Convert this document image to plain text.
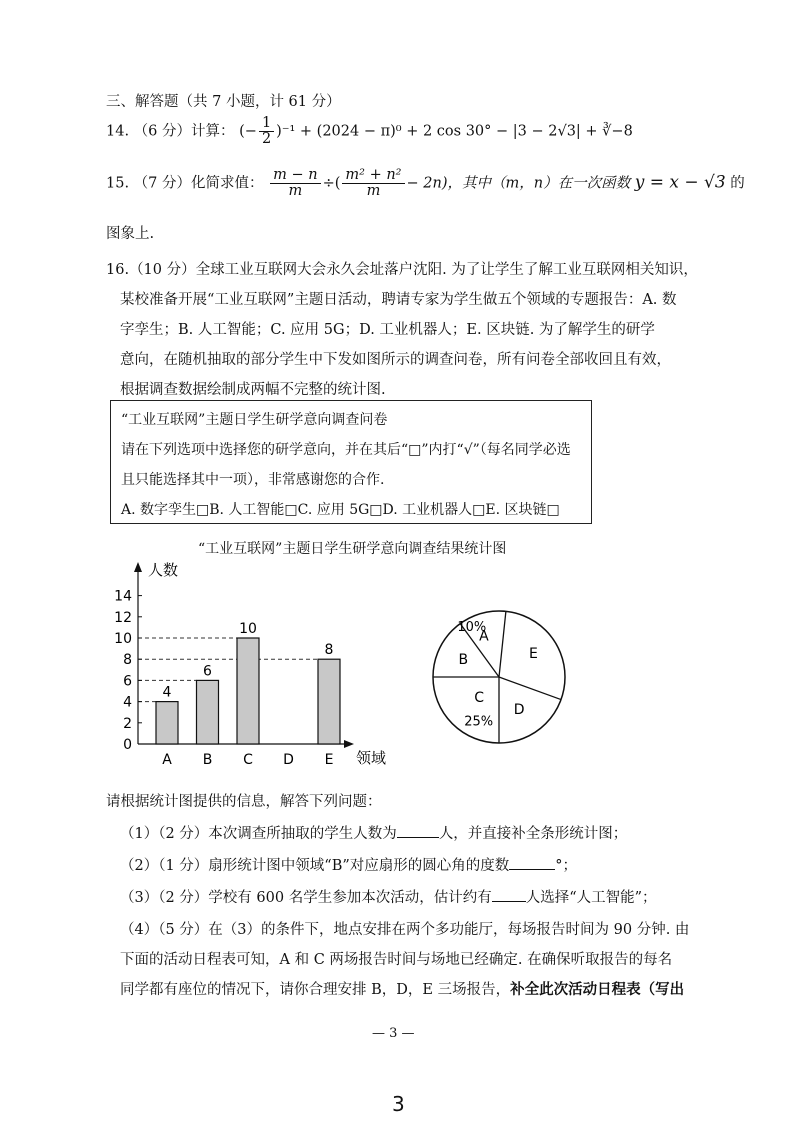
三、解答题（共 7 小题，计 61 分）
14. （6 分）计算： (− $\frac{1}{2} )^{-1} + (2024 - \pi)^0 + 2$ cos 30° − |3 − 2√3| + ∛−8
15. （7 分）化简求值： $\frac{m - n}{m}$ ÷( $\frac{\text{m² + n²}}{m} - 2n$)，其中（m，n）在一次函数 y = x − √3 的
图象上.
16.（10 分）全球工业互联网大会永久会址落户沈阳. 为了让学生了解工业互联网相关知识，
某校准备开展“工业互联网”主题日活动，聘请专家为学生做五个领域的专题报告：A. 数
字孪生；B. 人工智能；C. 应用 5G；D. 工业机器人；E. 区块链. 为了解学生的研学
意向，在随机抽取的部分学生中下发如图所示的调查问卷，所有问卷全部收回且有效，
根据调查数据绘制成两幅不完整的统计图.
“工业互联网”主题日学生研学意向调查问卷
请在下列选项中选择您的研学意向，并在其后“□”内打“√”（每名同学必选
且只能选择其中一项），非常感谢您的合作.
A. 数字孪生□B. 人工智能□C. 应用 5G□D. 工业机器人□E. 区块链□
“工业互联网”主题日学生研学意向调查结果统计图
4
6
10
8
0
2
4
6
8
10
12
14
A B C D E
人数
领域
A
10%
E
D
C
25%
B
请根据统计图提供的信息，解答下列问题：
（1）（2 分）本次调查所抽取的学生人数为	人，并直接补全条形统计图；
（2）（1 分）扇形统计图中领域“B”对应扇形的圆心角的度数	°；
（3）（2 分）学校有 600 名学生参加本次活动，估计约有 人选择“人工智能”；
（4）（5 分）在（3）的条件下，地点安排在两个多功能厅，每场报告时间为 90 分钟. 由
下面的活动日程表可知，A 和 C 两场报告时间与场地已经确定. 在确保听取报告的每名
同学都有座位的情况下，请你合理安排 B，D，E 三场报告，补全此次活动日程表（写出
— 3 —
3
